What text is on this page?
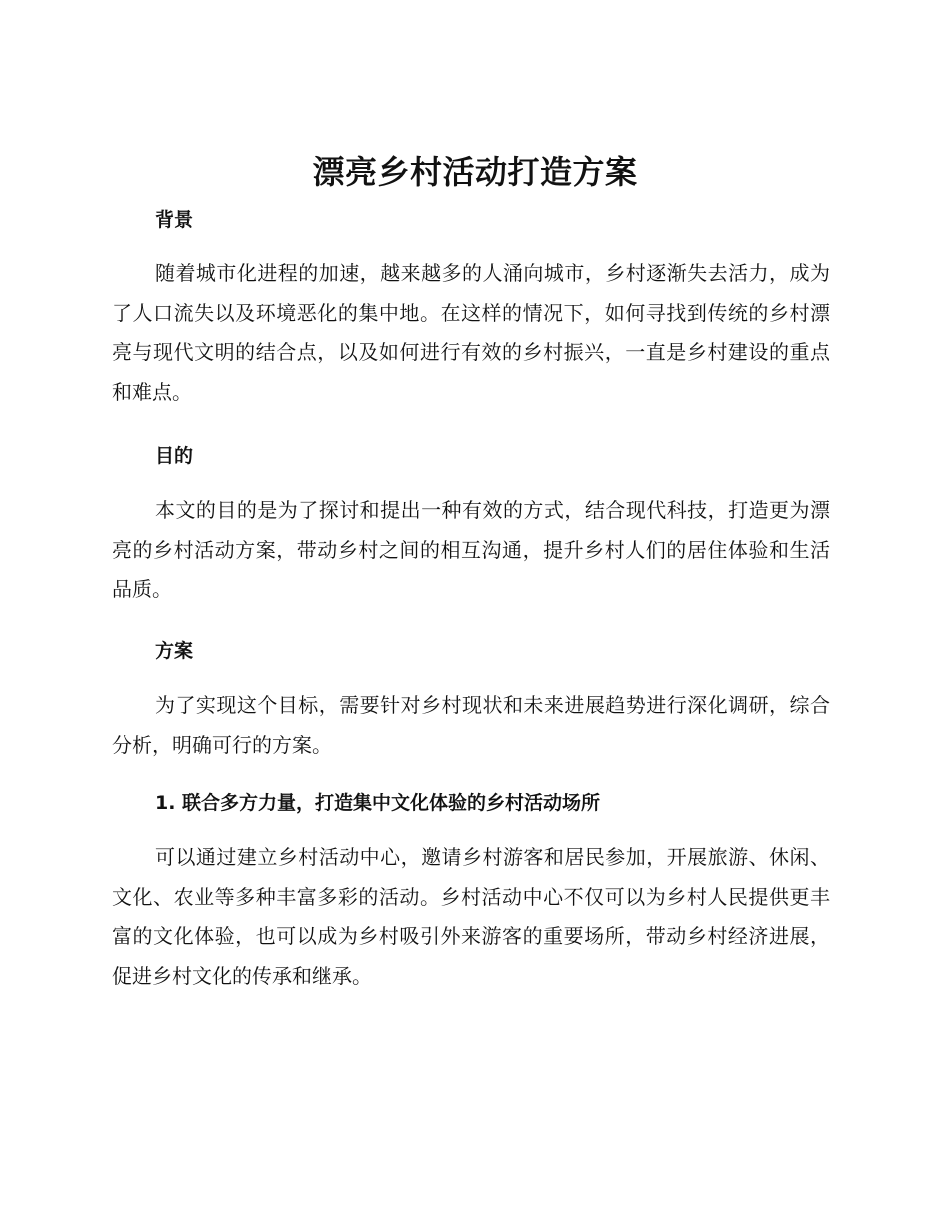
漂亮乡村活动打造方案
背景

随着城市化进程的加速，越来越多的人涌向城市，乡村逐渐失去活力，成为了人口流失以及环境恶化的集中地。在这样的情况下，如何寻找到传统的乡村漂亮与现代文明的结合点，以及如何进行有效的乡村振兴，一直是乡村建设的重点和难点。

目的

本文的目的是为了探讨和提出一种有效的方式，结合现代科技，打造更为漂亮的乡村活动方案，带动乡村之间的相互沟通，提升乡村人们的居住体验和生活品质。

方案

为了实现这个目标，需要针对乡村现状和未来进展趋势进行深化调研，综合分析，明确可行的方案。

1. 联合多方力量，打造集中文化体验的乡村活动场所

可以通过建立乡村活动中心，邀请乡村游客和居民参加，开展旅游、休闲、文化、农业等多种丰富多彩的活动。乡村活动中心不仅可以为乡村人民提供更丰富的文化体验，也可以成为乡村吸引外来游客的重要场所，带动乡村经济进展，促进乡村文化的传承和继承。
